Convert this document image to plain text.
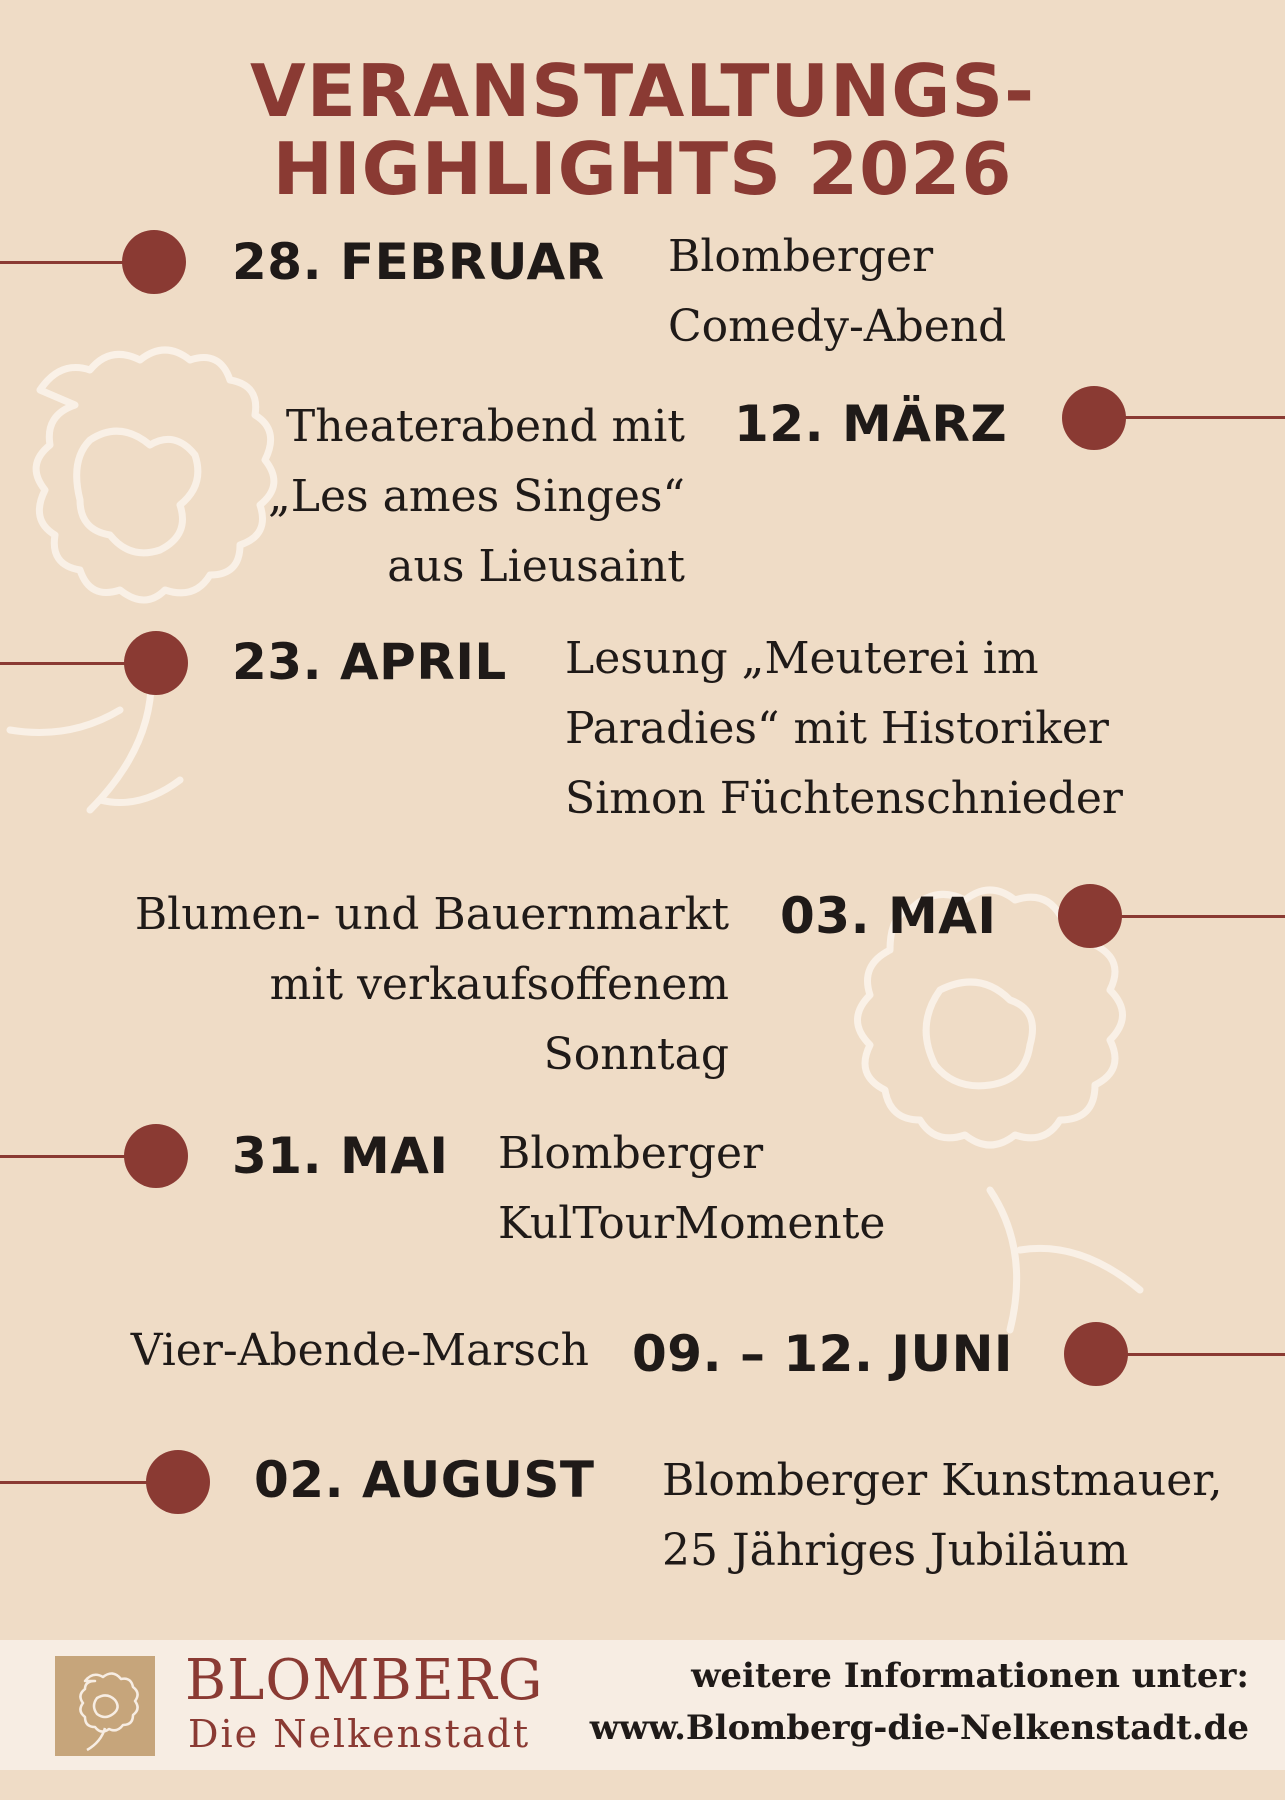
VERANSTALTUNGS-
HIGHLIGHTS 2026
28. FEBRUAR Blomberger
Comedy-Abend
12. MÄRZ
Theaterabend mit
„Les ames Singes“
aus Lieusaint
23. APRIL Lesung „Meuterei im
Paradies“ mit Historiker
Simon Füchtenschnieder
03. MAI
Blumen- und Bauernmarkt
mit verkaufsoffenem
Sonntag
31. MAI Blomberger
KulTourMomente
09. – 12. JUNI
Vier-Abende-Marsch
02. AUGUST Blomberger Kunstmauer,
25 Jähriges Jubiläum
BLOMBERG
Die Nelkenstadt
weitere Informationen unter:
www.Blomberg-die-Nelkenstadt.de
